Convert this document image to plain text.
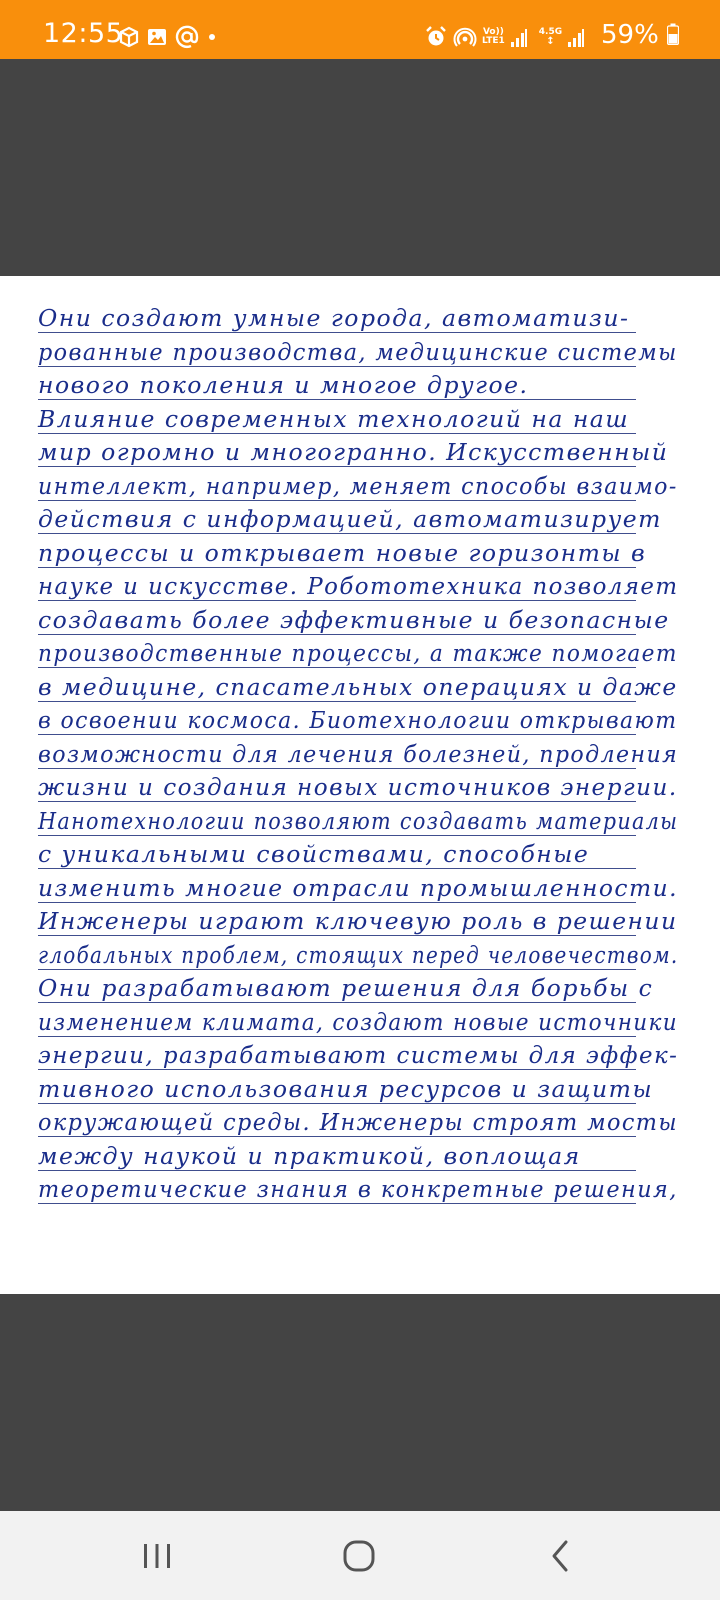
12:55	Vo))
LTE1
4.5G
↕ 59%
Они создают умные города, автоматизи-
рованные производства, медицинские системы
нового поколения и многое другое.
Влияние современных технологий на наш
мир огромно и многогранно. Искусственный
интеллект, например, меняет способы взаимо-
действия с информацией, автоматизирует
процессы и открывает новые горизонты в
науке и искусстве. Робототехника позволяет
создавать более эффективные и безопасные
производственные процессы, а также помогает
в медицине, спасательных операциях и даже
в освоении космоса. Биотехнологии открывают
возможности для лечения болезней, продления
жизни и создания новых источников энергии.
Нанотехнологии позволяют создавать материалы
с уникальными свойствами, способные
изменить многие отрасли промышленности.
Инженеры играют ключевую роль в решении
глобальных проблем, стоящих перед человечеством.
Они разрабатывают решения для борьбы с
изменением климата, создают новые источники
энергии, разрабатывают системы для эффек-
тивного использования ресурсов и защиты
окружающей среды. Инженеры строят мосты
между наукой и практикой, воплощая
теоретические знания в конкретные решения,
